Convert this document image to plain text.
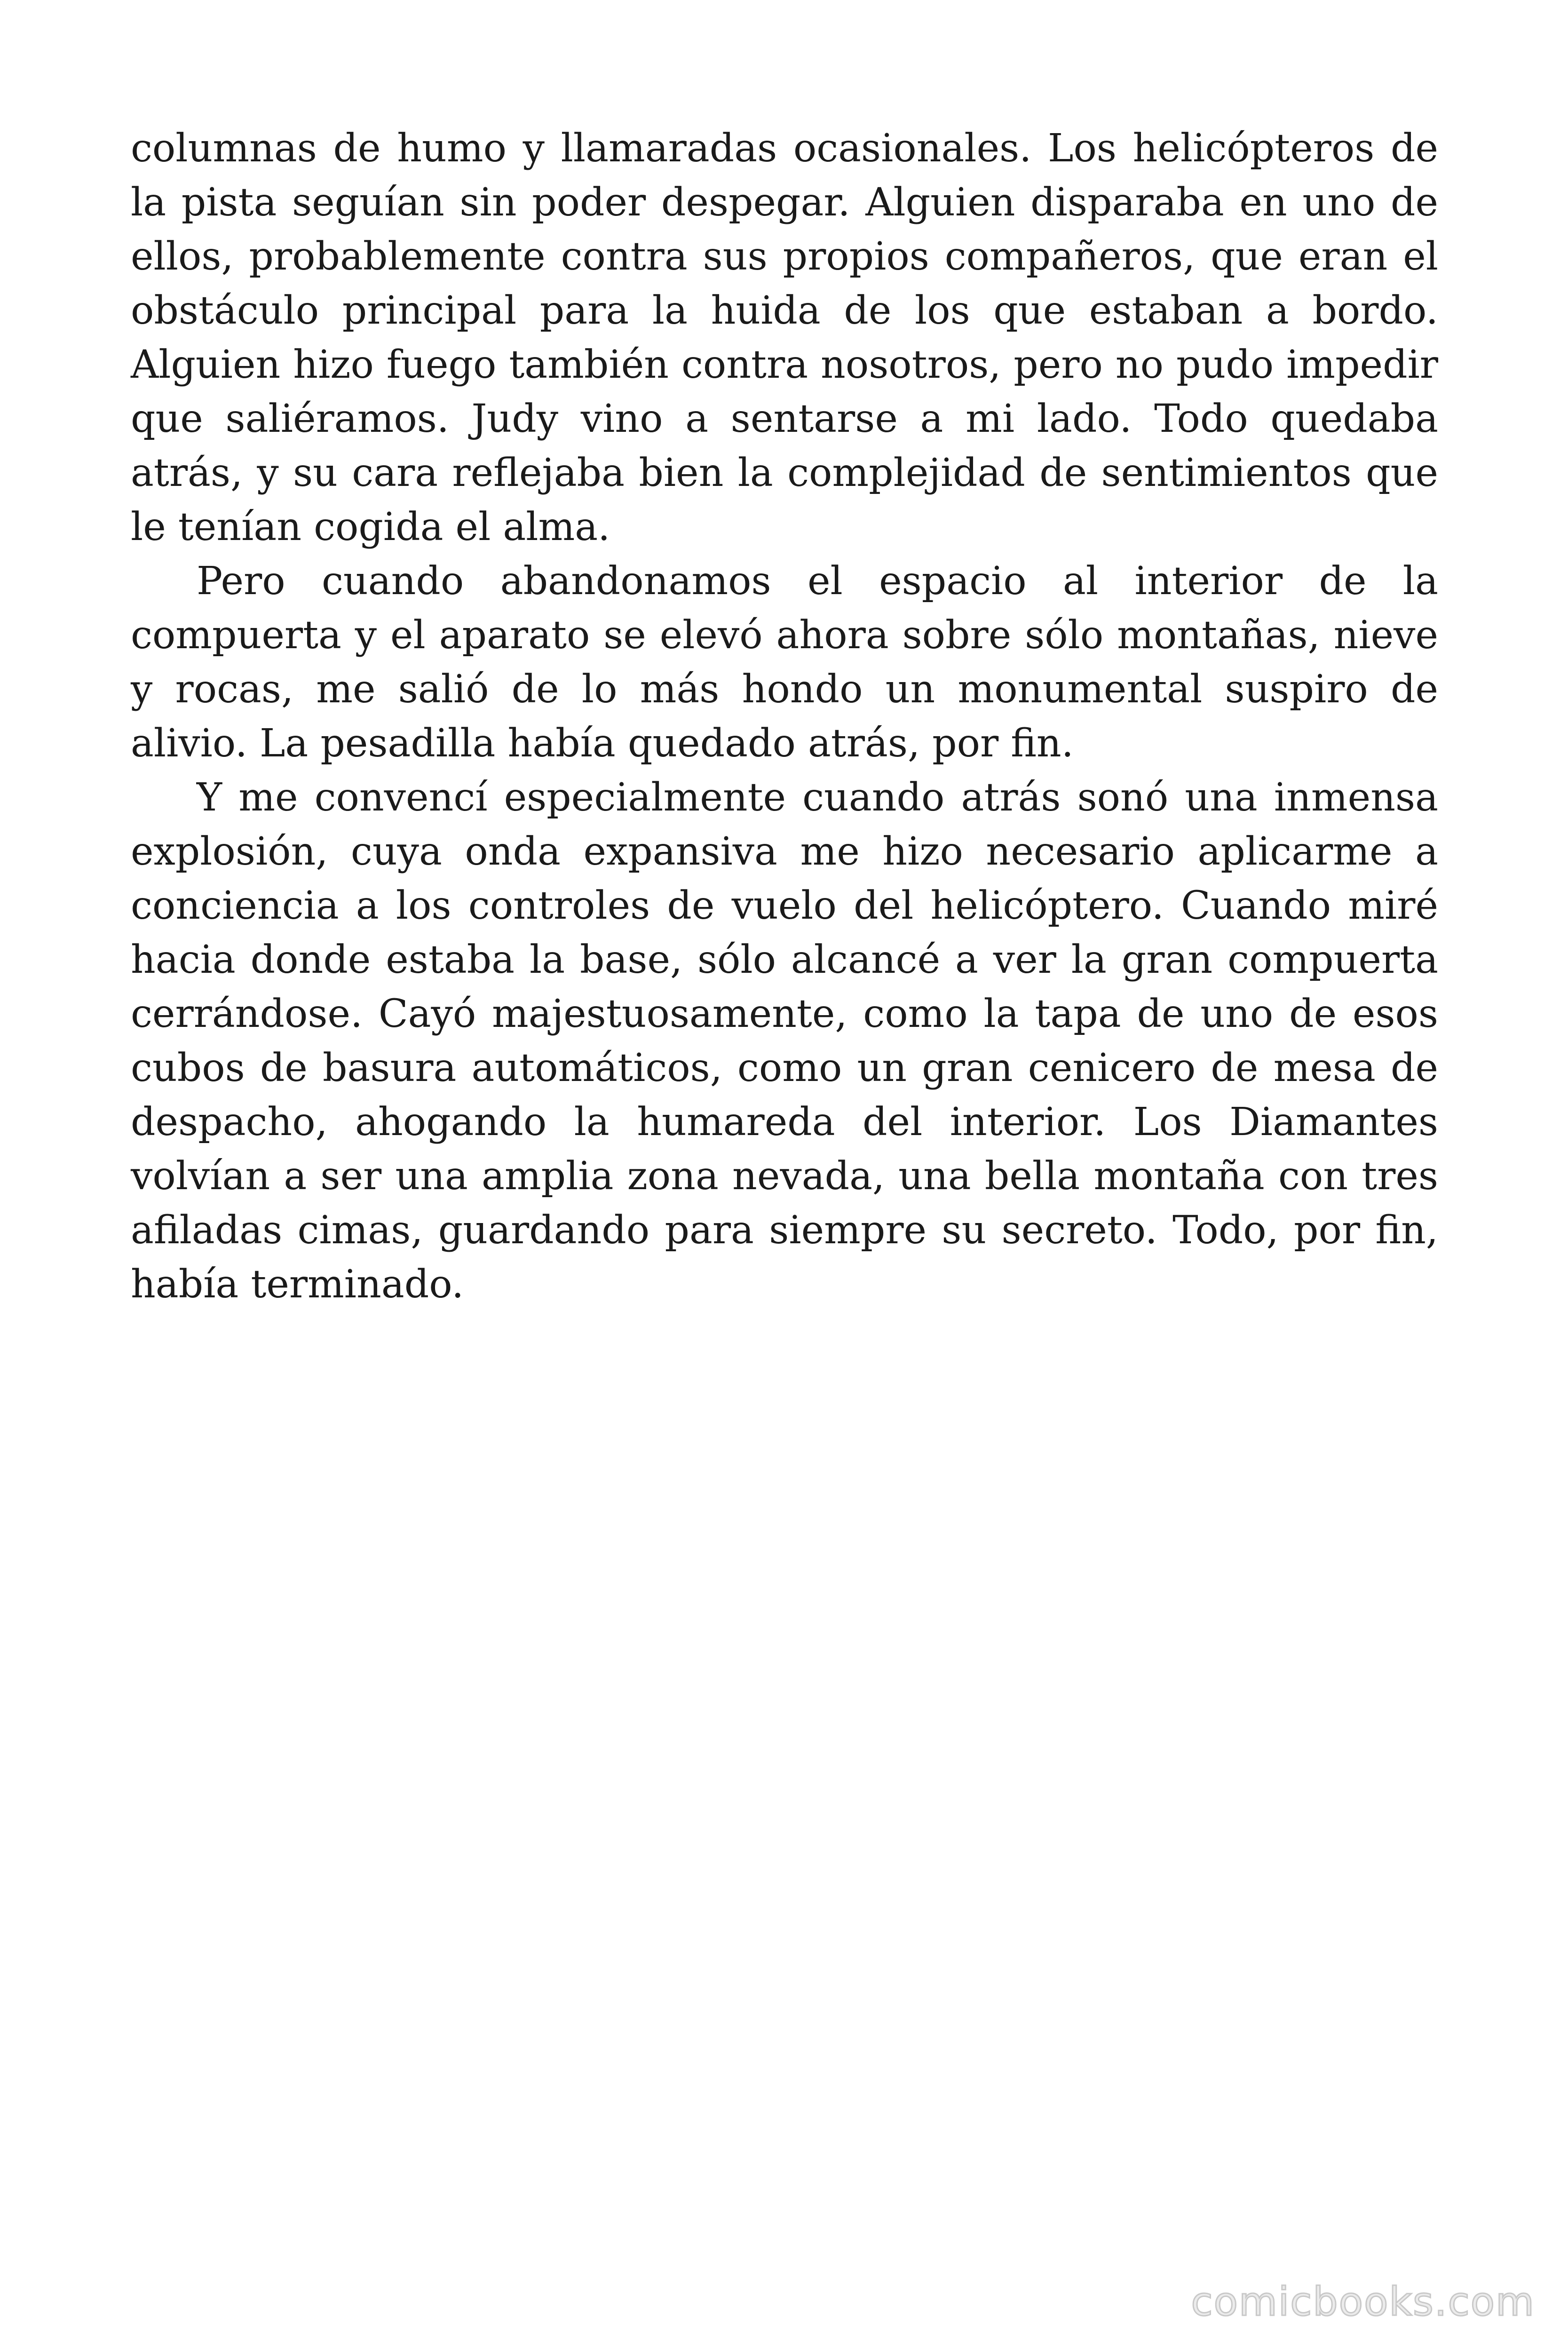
columnas de humo y llamaradas ocasionales. Los helicópteros de la pista seguían sin poder despegar. Alguien disparaba en uno de ellos, probablemente contra sus propios compañeros, que eran el obstáculo principal para la huida de los que estaban a bordo. Alguien hizo fuego también contra nosotros, pero no pudo impedir que saliéramos. Judy vino a sentarse a mi lado. Todo quedaba atrás, y su cara reflejaba bien la complejidad de sentimientos que le tenían cogida el alma.

Pero cuando abandonamos el espacio al interior de la compuerta y el aparato se elevó ahora sobre sólo montañas, nieve y rocas, me salió de lo más hondo un monumental suspiro de alivio. La pesadilla había quedado atrás, por fin.

Y me convencí especialmente cuando atrás sonó una inmensa explosión, cuya onda expansiva me hizo necesario aplicarme a conciencia a los controles de vuelo del helicóptero. Cuando miré hacia donde estaba la base, sólo alcancé a ver la gran compuerta cerrándose. Cayó majestuosamente, como la tapa de uno de esos cubos de basura automáticos, como un gran cenicero de mesa de despacho, ahogando la humareda del interior. Los Diamantes volvían a ser una amplia zona nevada, una bella montaña con tres afiladas cimas, guardando para siempre su secreto. Todo, por fin, había terminado.

comicbooks.com
